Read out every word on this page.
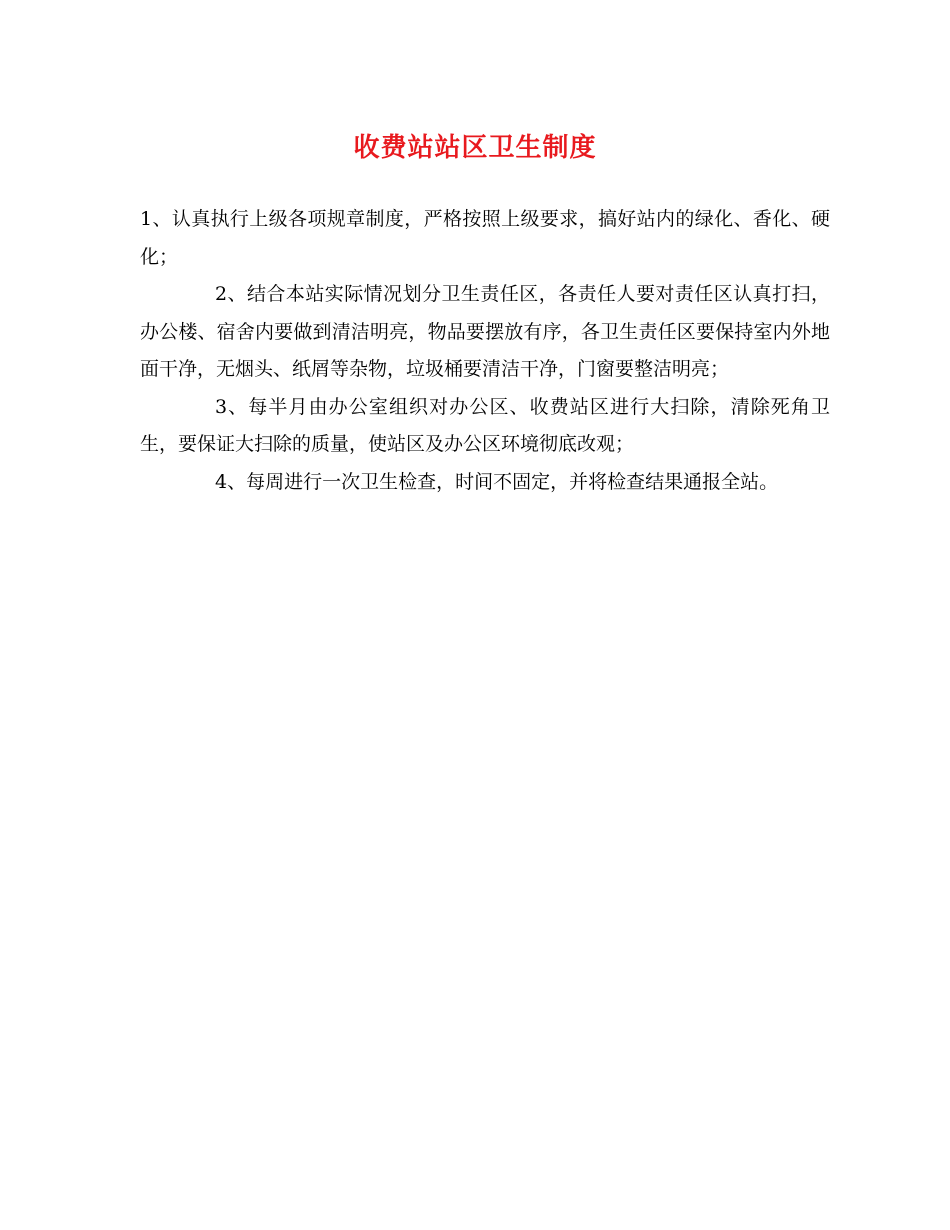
收费站站区卫生制度

1、认真执行上级各项规章制度，严格按照上级要求，搞好站内的绿化、香化、硬化；

2、结合本站实际情况划分卫生责任区，各责任人要对责任区认真打扫，办公楼、宿舍内要做到清洁明亮，物品要摆放有序，各卫生责任区要保持室内外地面干净，无烟头、纸屑等杂物，垃圾桶要清洁干净，门窗要整洁明亮；

3、每半月由办公室组织对办公区、收费站区进行大扫除，清除死角卫生，要保证大扫除的质量，使站区及办公区环境彻底改观；

4、每周进行一次卫生检查，时间不固定，并将检查结果通报全站。
